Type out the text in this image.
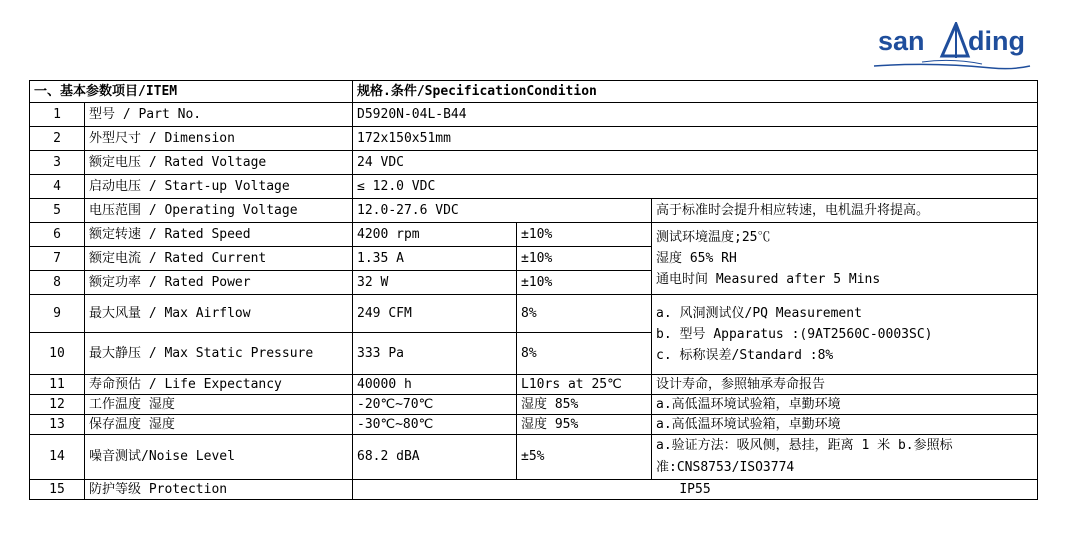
san ding
一、基本参数项目/ITEM		规格.条件/SpecificationCondition		
1	型号 / Part No.	D5920N-04L-B44		
2	外型尺寸 / Dimension	172x150x51mm		
3	额定电压 / Rated Voltage	24 VDC		
4	启动电压 / Start-up Voltage	≤ 12.0 VDC		
5	电压范围 / Operating Voltage	12.0-27.6 VDC		高于标准时会提升相应转速，电机温升将提高。
6	额定转速 / Rated Speed	4200 rpm	±10%	测试环境温度;25℃
湿度 65% RH
通电时间 Measured after 5 Mins

7	额定电流 / Rated Current	1.35 A	±10%	
8	额定功率 / Rated Power	32 W	±10%	
9	最大风量 / Max Airflow	249 CFM	8%	a. 风洞测试仪/PQ Measurement
b. 型号 Apparatus :(9AT2560C-0003SC)
c. 标称误差/Standard :8%

10	最大静压 / Max Static Pressure	333 Pa	8%	
11	寿命预估 / Life Expectancy	40000 h	L10rs at 25℃	设计寿命，参照轴承寿命报告
12	工作温度 湿度	-20℃~70℃	湿度 85%	a.高低温环境试验箱，卓勤环境
13	保存温度 湿度	-30℃~80℃	湿度 95%	a.高低温环境试验箱，卓勤环境
14	噪音测试/Noise Level	68.2 dBA	±5%	a.验证方法：吸风侧，悬挂，距离 1 米 b.参照标
准:CNS8753/ISO3774

15	防护等级 Protection	IP55		
